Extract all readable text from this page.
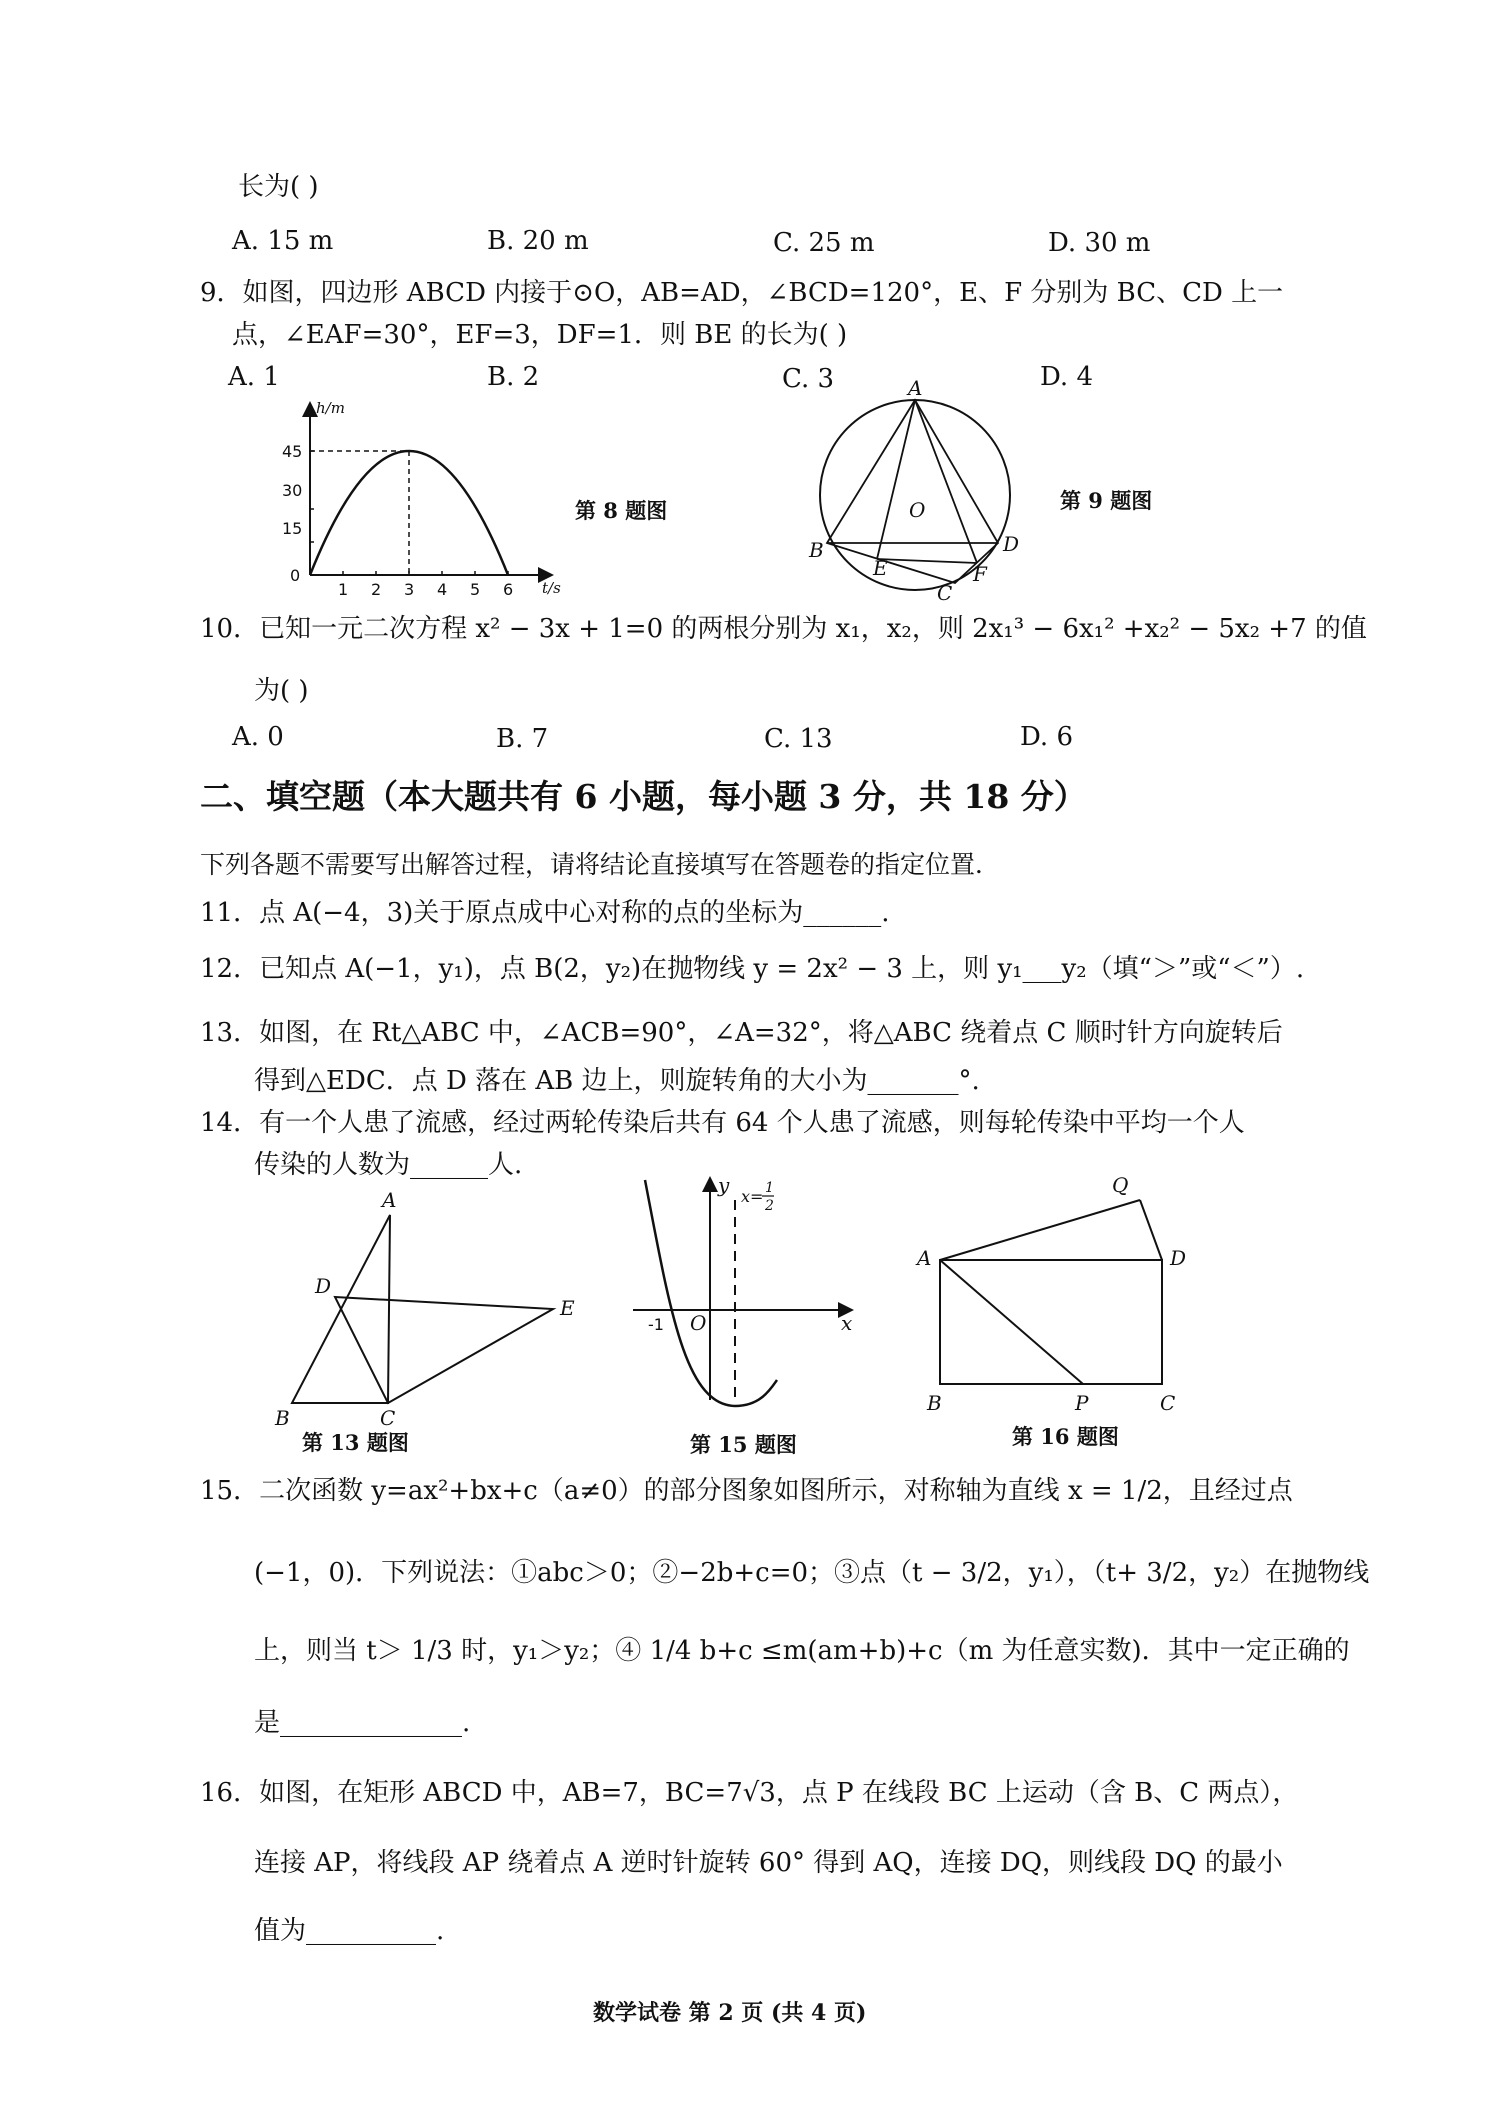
长为( )
A. 15 m	B. 20 m	C. 25 m	D. 30 m
9．如图，四边形 ABCD 内接于⊙O，AB=AD，∠BCD=120°，E、F 分别为 BC、CD 上一
点，∠EAF=30°，EF=3，DF=1．则 BE 的长为( )
A. 1	B. 2	C. 3	D. 4
h/m
t/s
45
30
15
0
1 2 3 4 5 6
第 8 题图
A
O
B
E
C
F
D
第 9 题图
10．已知一元二次方程 x² − 3x + 1=0 的两根分别为 x₁，x₂，则 2x₁³ − 6x₁² +x₂² − 5x₂ +7 的值
为( )
A. 0	B. 7	C. 13	D. 6
二、填空题（本大题共有 6 小题，每小题 3 分，共 18 分）
下列各题不需要写出解答过程，请将结论直接填写在答题卷的指定位置．
11．点 A(−4，3)关于原点成中心对称的点的坐标为______.
12．已知点 A(−1，y₁)，点 B(2，y₂)在抛物线 y = 2x² − 3 上，则 y₁___y₂（填“＞”或“＜”）.
13．如图，在 Rt△ABC 中，∠ACB=90°，∠A=32°，将△ABC 绕着点 C 顺时针方向旋转后
得到△EDC．点 D 落在 AB 边上，则旋转角的大小为_______°.
14．有一个人患了流感，经过两轮传染后共有 64 个人患了流感，则每轮传染中平均一个人
传染的人数为______人.
A
D
E
B	C
第 13 题图
y x= 1
2
-1 O	x
第 15 题图
Q
A	D
B	P	C
第 16 题图
15．二次函数 y=ax²+bx+c（a≠0）的部分图象如图所示，对称轴为直线 x = 1/2，且经过点
(−1，0)．下列说法：①abc＞0；②−2b+c=0；③点（t − 3/2，y₁），（t+ 3/2，y₂）在抛物线
上，则当 t＞ 1/3 时，y₁＞y₂；④ 1/4 b+c ≤m(am+b)+c（m 为任意实数)．其中一定正确的
是______________.
16．如图，在矩形 ABCD 中，AB=7，BC=7√3，点 P 在线段 BC 上运动（含 B、C 两点），
连接 AP，将线段 AP 绕着点 A 逆时针旋转 60° 得到 AQ，连接 DQ，则线段 DQ 的最小
值为__________.
数学试卷 第 2 页 (共 4 页)
